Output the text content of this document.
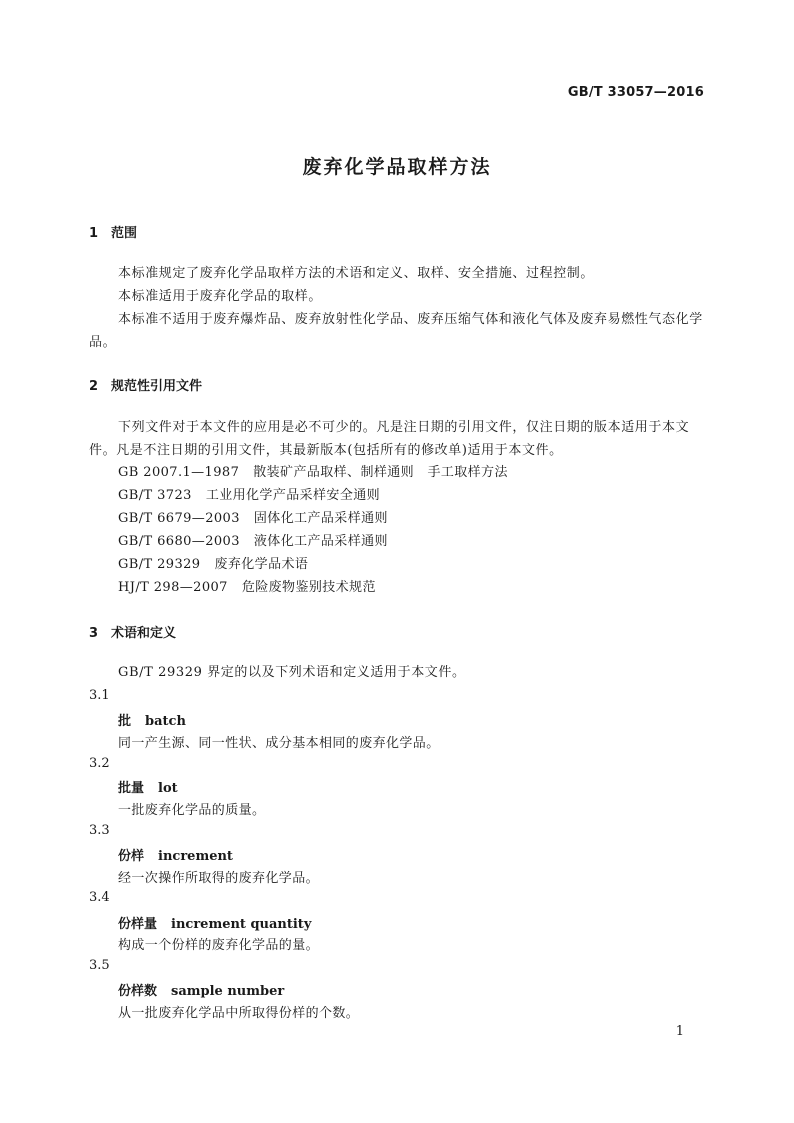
GB/T 33057—2016
废弃化学品取样方法
1 范围
本标准规定了废弃化学品取样方法的术语和定义、取样、安全措施、过程控制。
本标准适用于废弃化学品的取样。
本标准不适用于废弃爆炸品、废弃放射性化学品、废弃压缩气体和液化气体及废弃易燃性气态化学品。
2 规范性引用文件
下列文件对于本文件的应用是必不可少的。凡是注日期的引用文件，仅注日期的版本适用于本文件。凡是不注日期的引用文件，其最新版本(包括所有的修改单)适用于本文件。
GB 2007.1—1987 散装矿产品取样、制样通则　手工取样方法
GB/T 3723 工业用化学产品采样安全通则
GB/T 6679—2003 固体化工产品采样通则
GB/T 6680—2003 液体化工产品采样通则
GB/T 29329 废弃化学品术语
HJ/T 298—2007 危险废物鉴别技术规范
3 术语和定义
GB/T 29329 界定的以及下列术语和定义适用于本文件。
3.1
批 batch
同一产生源、同一性状、成分基本相同的废弃化学品。
3.2
批量 lot
一批废弃化学品的质量。
3.3
份样 increment
经一次操作所取得的废弃化学品。
3.4
份样量 increment quantity
构成一个份样的废弃化学品的量。
3.5
份样数 sample number
从一批废弃化学品中所取得份样的个数。
1
